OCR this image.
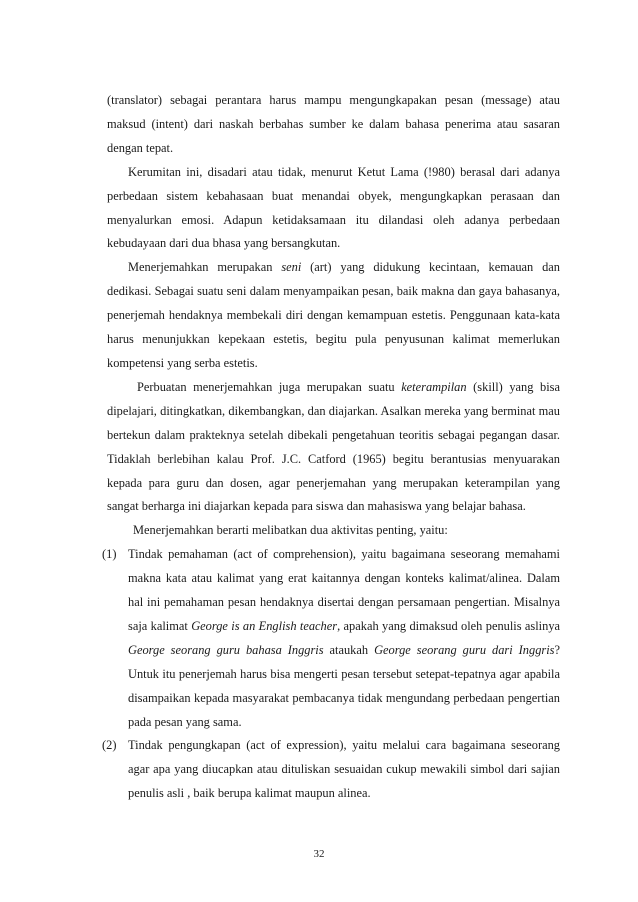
(translator) sebagai perantara harus mampu mengungkapakan pesan (message) atau maksud (intent) dari naskah berbahas sumber ke dalam bahasa penerima atau sasaran dengan tepat.

Kerumitan ini, disadari atau tidak, menurut Ketut Lama (!980) berasal dari adanya perbedaan sistem kebahasaan buat menandai obyek, mengungkapkan perasaan dan menyalurkan emosi. Adapun ketidaksamaan itu dilandasi oleh adanya perbedaan kebudayaan dari dua bhasa yang bersangkutan.

Menerjemahkan merupakan seni (art) yang didukung kecintaan, kemauan dan dedikasi. Sebagai suatu seni dalam menyampaikan pesan, baik makna dan gaya bahasanya, penerjemah hendaknya membekali diri dengan kemampuan estetis. Penggunaan kata-kata harus menunjukkan kepekaan estetis, begitu pula penyusunan kalimat memerlukan kompetensi yang serba estetis.

Perbuatan menerjemahkan juga merupakan suatu keterampilan (skill) yang bisa dipelajari, ditingkatkan, dikembangkan, dan diajarkan. Asalkan mereka yang berminat mau bertekun dalam prakteknya setelah dibekali pengetahuan teoritis sebagai pegangan dasar. Tidaklah berlebihan kalau Prof. J.C. Catford (1965) begitu berantusias menyuarakan kepada para guru dan dosen, agar penerjemahan yang merupakan keterampilan yang sangat berharga ini diajarkan kepada para siswa dan mahasiswa yang belajar bahasa.

Menerjemahkan berarti melibatkan dua aktivitas penting, yaitu:

(1) Tindak pemahaman (act of comprehension), yaitu bagaimana seseorang memahami makna kata atau kalimat yang erat kaitannya dengan konteks kalimat/alinea. Dalam hal ini pemahaman pesan hendaknya disertai dengan persamaan pengertian. Misalnya saja kalimat George is an English teacher, apakah yang dimaksud oleh penulis aslinya George seorang guru bahasa Inggris ataukah George seorang guru dari Inggris? Untuk itu penerjemah harus bisa mengerti pesan tersebut setepat-tepatnya agar apabila disampaikan kepada masyarakat pembacanya tidak mengundang perbedaan pengertian pada pesan yang sama.
(2) Tindak pengungkapan (act of expression), yaitu melalui cara bagaimana seseorang agar apa yang diucapkan atau dituliskan sesuaidan cukup mewakili simbol dari sajian penulis asli , baik berupa kalimat maupun alinea.
32
